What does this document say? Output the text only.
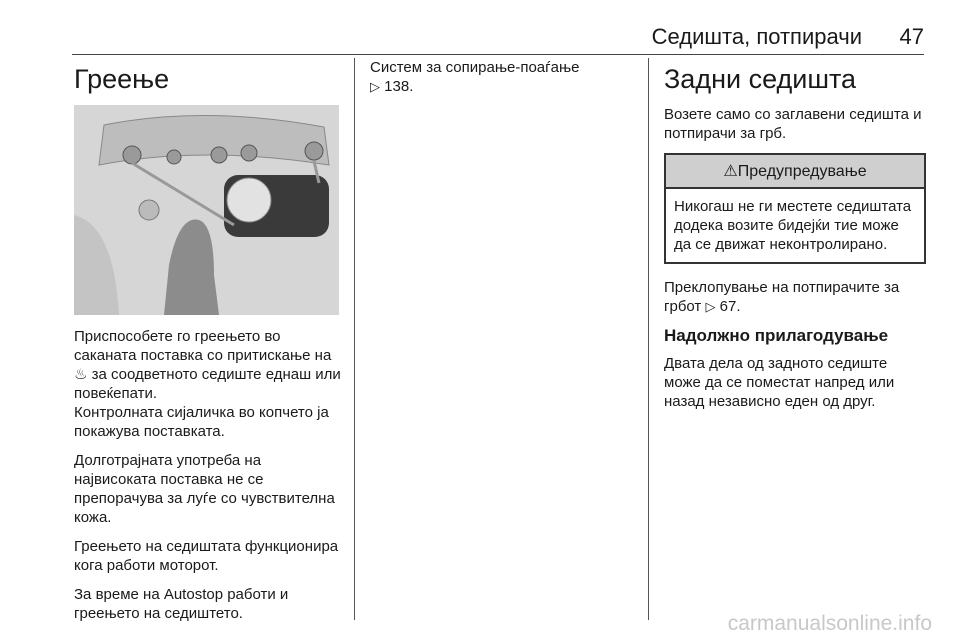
Седишта, потпирачи 47
Греење

Приспособете го греењето во саканата поставка со притискање на ♨ за соодветното седиште еднаш или повеќепати.
Контролната сијаличка во копчето ја покажува поставката.

Долготрајната употреба на највисоката поставка не се препорачува за луѓе со чувствителна кожа.

Греењето на седиштата функционира кога работи моторот.

За време на Autostop работи и греењето на седиштето.

Систем за сопирање-поаѓање
▷ 138.	Задни седишта

Возете само со заглавени седишта и потпирачи за грб.

⚠Предупредување

Никогаш не ги местете седиштата додека возите бидејќи тие може да се движат неконтролирано.

Преклопување на потпирачите за грбот ▷ 67.

Надолжно прилагодување

Двата дела од задното седиште може да се поместат напред или назад независно еден од друг.

carmanualsonline.info
